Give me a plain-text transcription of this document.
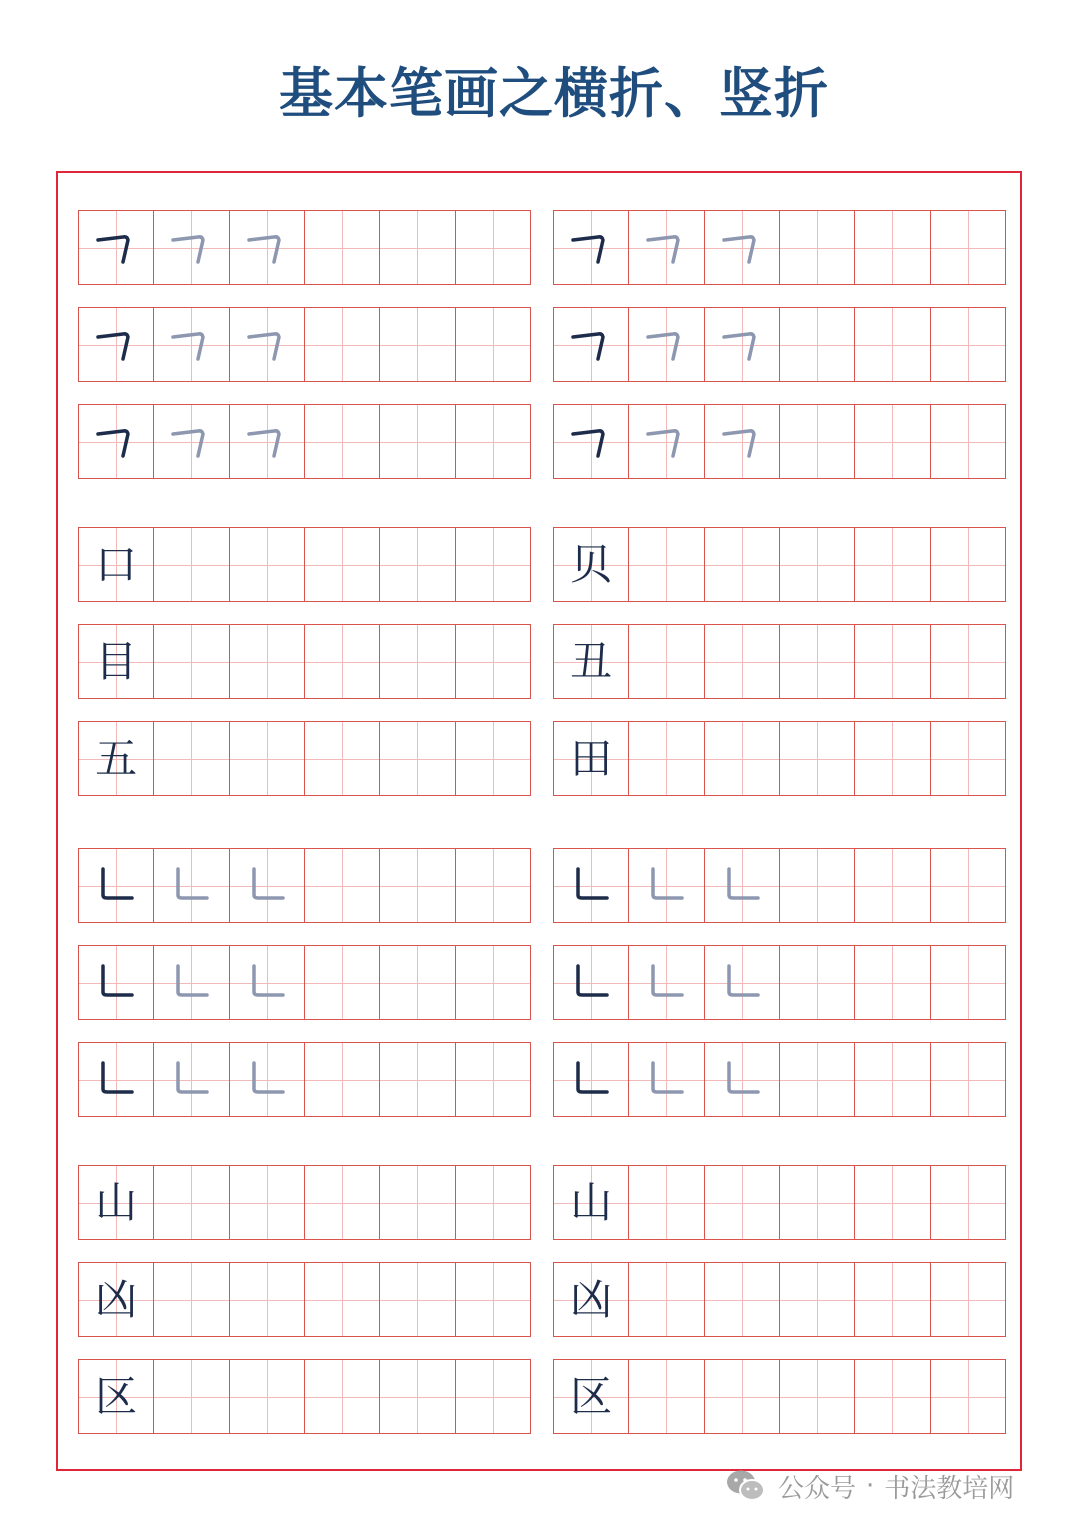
基本笔画之横折、竖折
口
目
五
贝
丑
田
山
凶
区
山
凶
区
公众号 · 书法教培网
